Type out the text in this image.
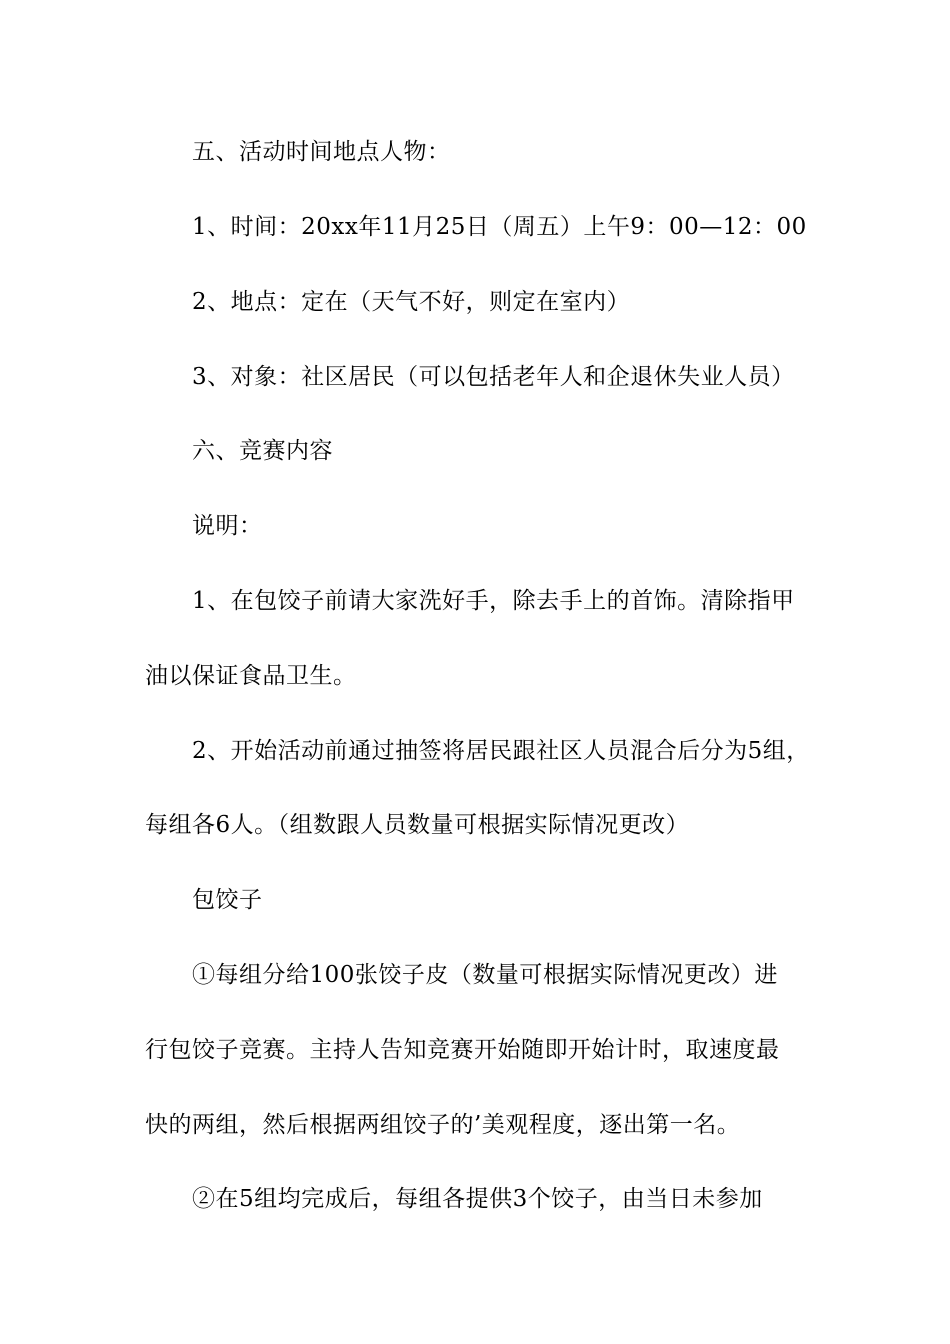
五、活动时间地点人物：
1、时间：20xx年11月25日（周五）上午9：00—12：00
2、地点：定在（天气不好，则定在室内）
3、对象：社区居民（可以包括老年人和企退休失业人员）
六、竞赛内容
说明：
1、在包饺子前请大家洗好手，除去手上的首饰。清除指甲
油以保证食品卫生。
2、开始活动前通过抽签将居民跟社区人员混合后分为5组，
每组各6人。（组数跟人员数量可根据实际情况更改）
包饺子
①每组分给100张饺子皮（数量可根据实际情况更改）进
行包饺子竞赛。主持人告知竞赛开始随即开始计时，取速度最
快的两组，然后根据两组饺子的’美观程度，逐出第一名。
②在5组均完成后，每组各提供3个饺子，由当日未参加
